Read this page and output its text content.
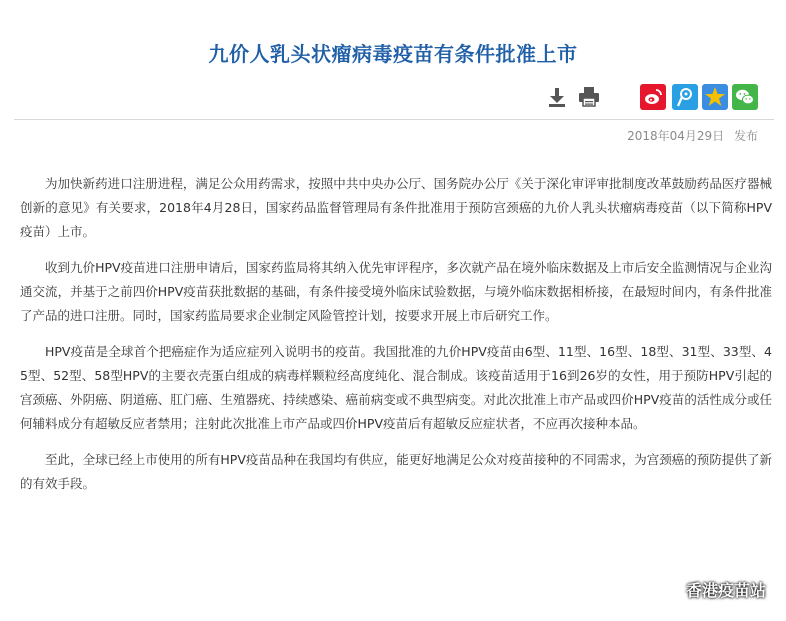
九价人乳头状瘤病毒疫苗有条件批准上市
2018年04月29日 发布

为加快新药进口注册进程，满足公众用药需求，按照中共中央办公厅、国务院办公厅《关于深化审评审批制度改革鼓励药品医疗器械创新的意见》有关要求，2018年4月28日，国家药品监督管理局有条件批准用于预防宫颈癌的九价人乳头状瘤病毒疫苗（以下简称HPV疫苗）上市。

收到九价HPV疫苗进口注册申请后，国家药监局将其纳入优先审评程序，多次就产品在境外临床数据及上市后安全监测情况与企业沟通交流，并基于之前四价HPV疫苗获批数据的基础，有条件接受境外临床试验数据，与境外临床数据相桥接，在最短时间内，有条件批准了产品的进口注册。同时，国家药监局要求企业制定风险管控计划，按要求开展上市后研究工作。

HPV疫苗是全球首个把癌症作为适应症列入说明书的疫苗。我国批准的九价HPV疫苗由6型、11型、16型、18型、31型、33型、45型、52型、58型HPV的主要衣壳蛋白组成的病毒样颗粒经高度纯化、混合制成。该疫苗适用于16到26岁的女性，用于预防HPV引起的宫颈癌、外阴癌、阴道癌、肛门癌、生殖器疣、持续感染、癌前病变或不典型病变。对此次批准上市产品或四价HPV疫苗的活性成分或任何辅料成分有超敏反应者禁用；注射此次批准上市产品或四价HPV疫苗后有超敏反应症状者，不应再次接种本品。

至此，全球已经上市使用的所有HPV疫苗品种在我国均有供应，能更好地满足公众对疫苗接种的不同需求，为宫颈癌的预防提供了新的有效手段。

香港疫苗站
